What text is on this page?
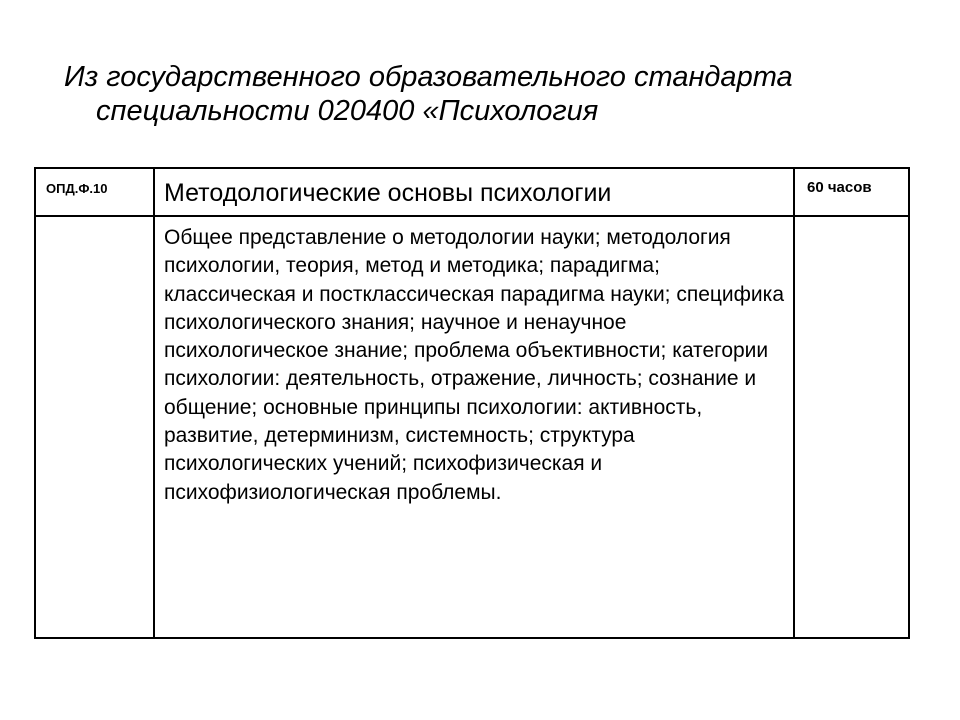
Из государственного образовательного стандарта
специальности 020400 «Психология
ОПД.Ф.10	Методологические основы психологии	60 часов

	Общее представление о методологии науки; методология психологии, теория, метод и методика; парадигма; классическая и постклассическая парадигма науки; специфика психологического знания; научное и ненаучное психологическое знание; проблема объективности; категории психологии: деятельность, отражение, личность; сознание и общение; основные принципы психологии: активность, развитие, детерминизм, системность; структура психологических учений; психофизическая и психофизиологическая проблемы.	
